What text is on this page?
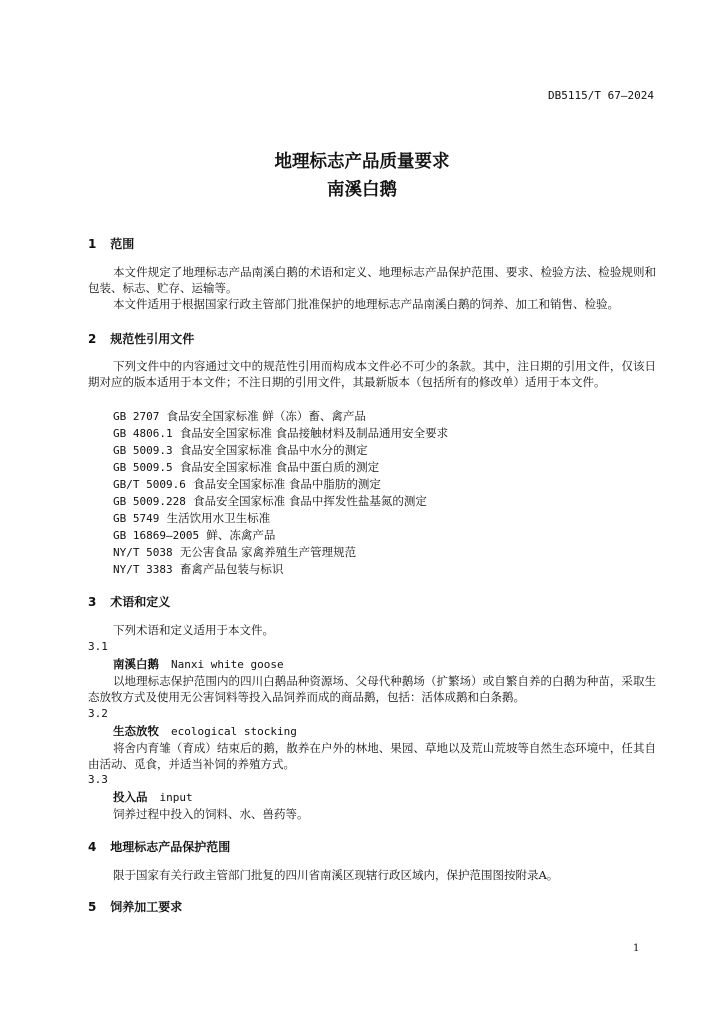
DB5115/T 67—2024
地理标志产品质量要求
南溪白鹅
1 范围
本文件规定了地理标志产品南溪白鹅的术语和定义、地理标志产品保护范围、要求、检验方法、检验规则和包装、标志、贮存、运输等。
本文件适用于根据国家行政主管部门批准保护的地理标志产品南溪白鹅的饲养、加工和销售、检验。
2 规范性引用文件
下列文件中的内容通过文中的规范性引用而构成本文件必不可少的条款。其中，注日期的引用文件，仅该日期对应的版本适用于本文件；不注日期的引用文件，其最新版本（包括所有的修改单）适用于本文件。
GB 2707 食品安全国家标准 鲜（冻）畜、禽产品
GB 4806.1 食品安全国家标准 食品接触材料及制品通用安全要求
GB 5009.3 食品安全国家标准 食品中水分的测定
GB 5009.5 食品安全国家标准 食品中蛋白质的测定
GB/T 5009.6 食品安全国家标准 食品中脂肪的测定
GB 5009.228 食品安全国家标准 食品中挥发性盐基氮的测定
GB 5749 生活饮用水卫生标准
GB 16869—2005 鲜、冻禽产品
NY/T 5038 无公害食品 家禽养殖生产管理规范
NY/T 3383 畜禽产品包装与标识
3 术语和定义
下列术语和定义适用于本文件。
3.1
南溪白鹅 Nanxi white goose
以地理标志保护范围内的四川白鹅品种资源场、父母代种鹅场（扩繁场）或自繁自养的白鹅为种苗，采取生态放牧方式及使用无公害饲料等投入品饲养而成的商品鹅，包括：活体成鹅和白条鹅。
3.2
生态放牧 ecological stocking
将舍内育雏（育成）结束后的鹅，散养在户外的林地、果园、草地以及荒山荒坡等自然生态环境中，任其自由活动、觅食，并适当补饲的养殖方式。
3.3
投入品 input
饲养过程中投入的饲料、水、兽药等。
4 地理标志产品保护范围
限于国家有关行政主管部门批复的四川省南溪区现辖行政区域内，保护范围图按附录A。
5 饲养加工要求
1
